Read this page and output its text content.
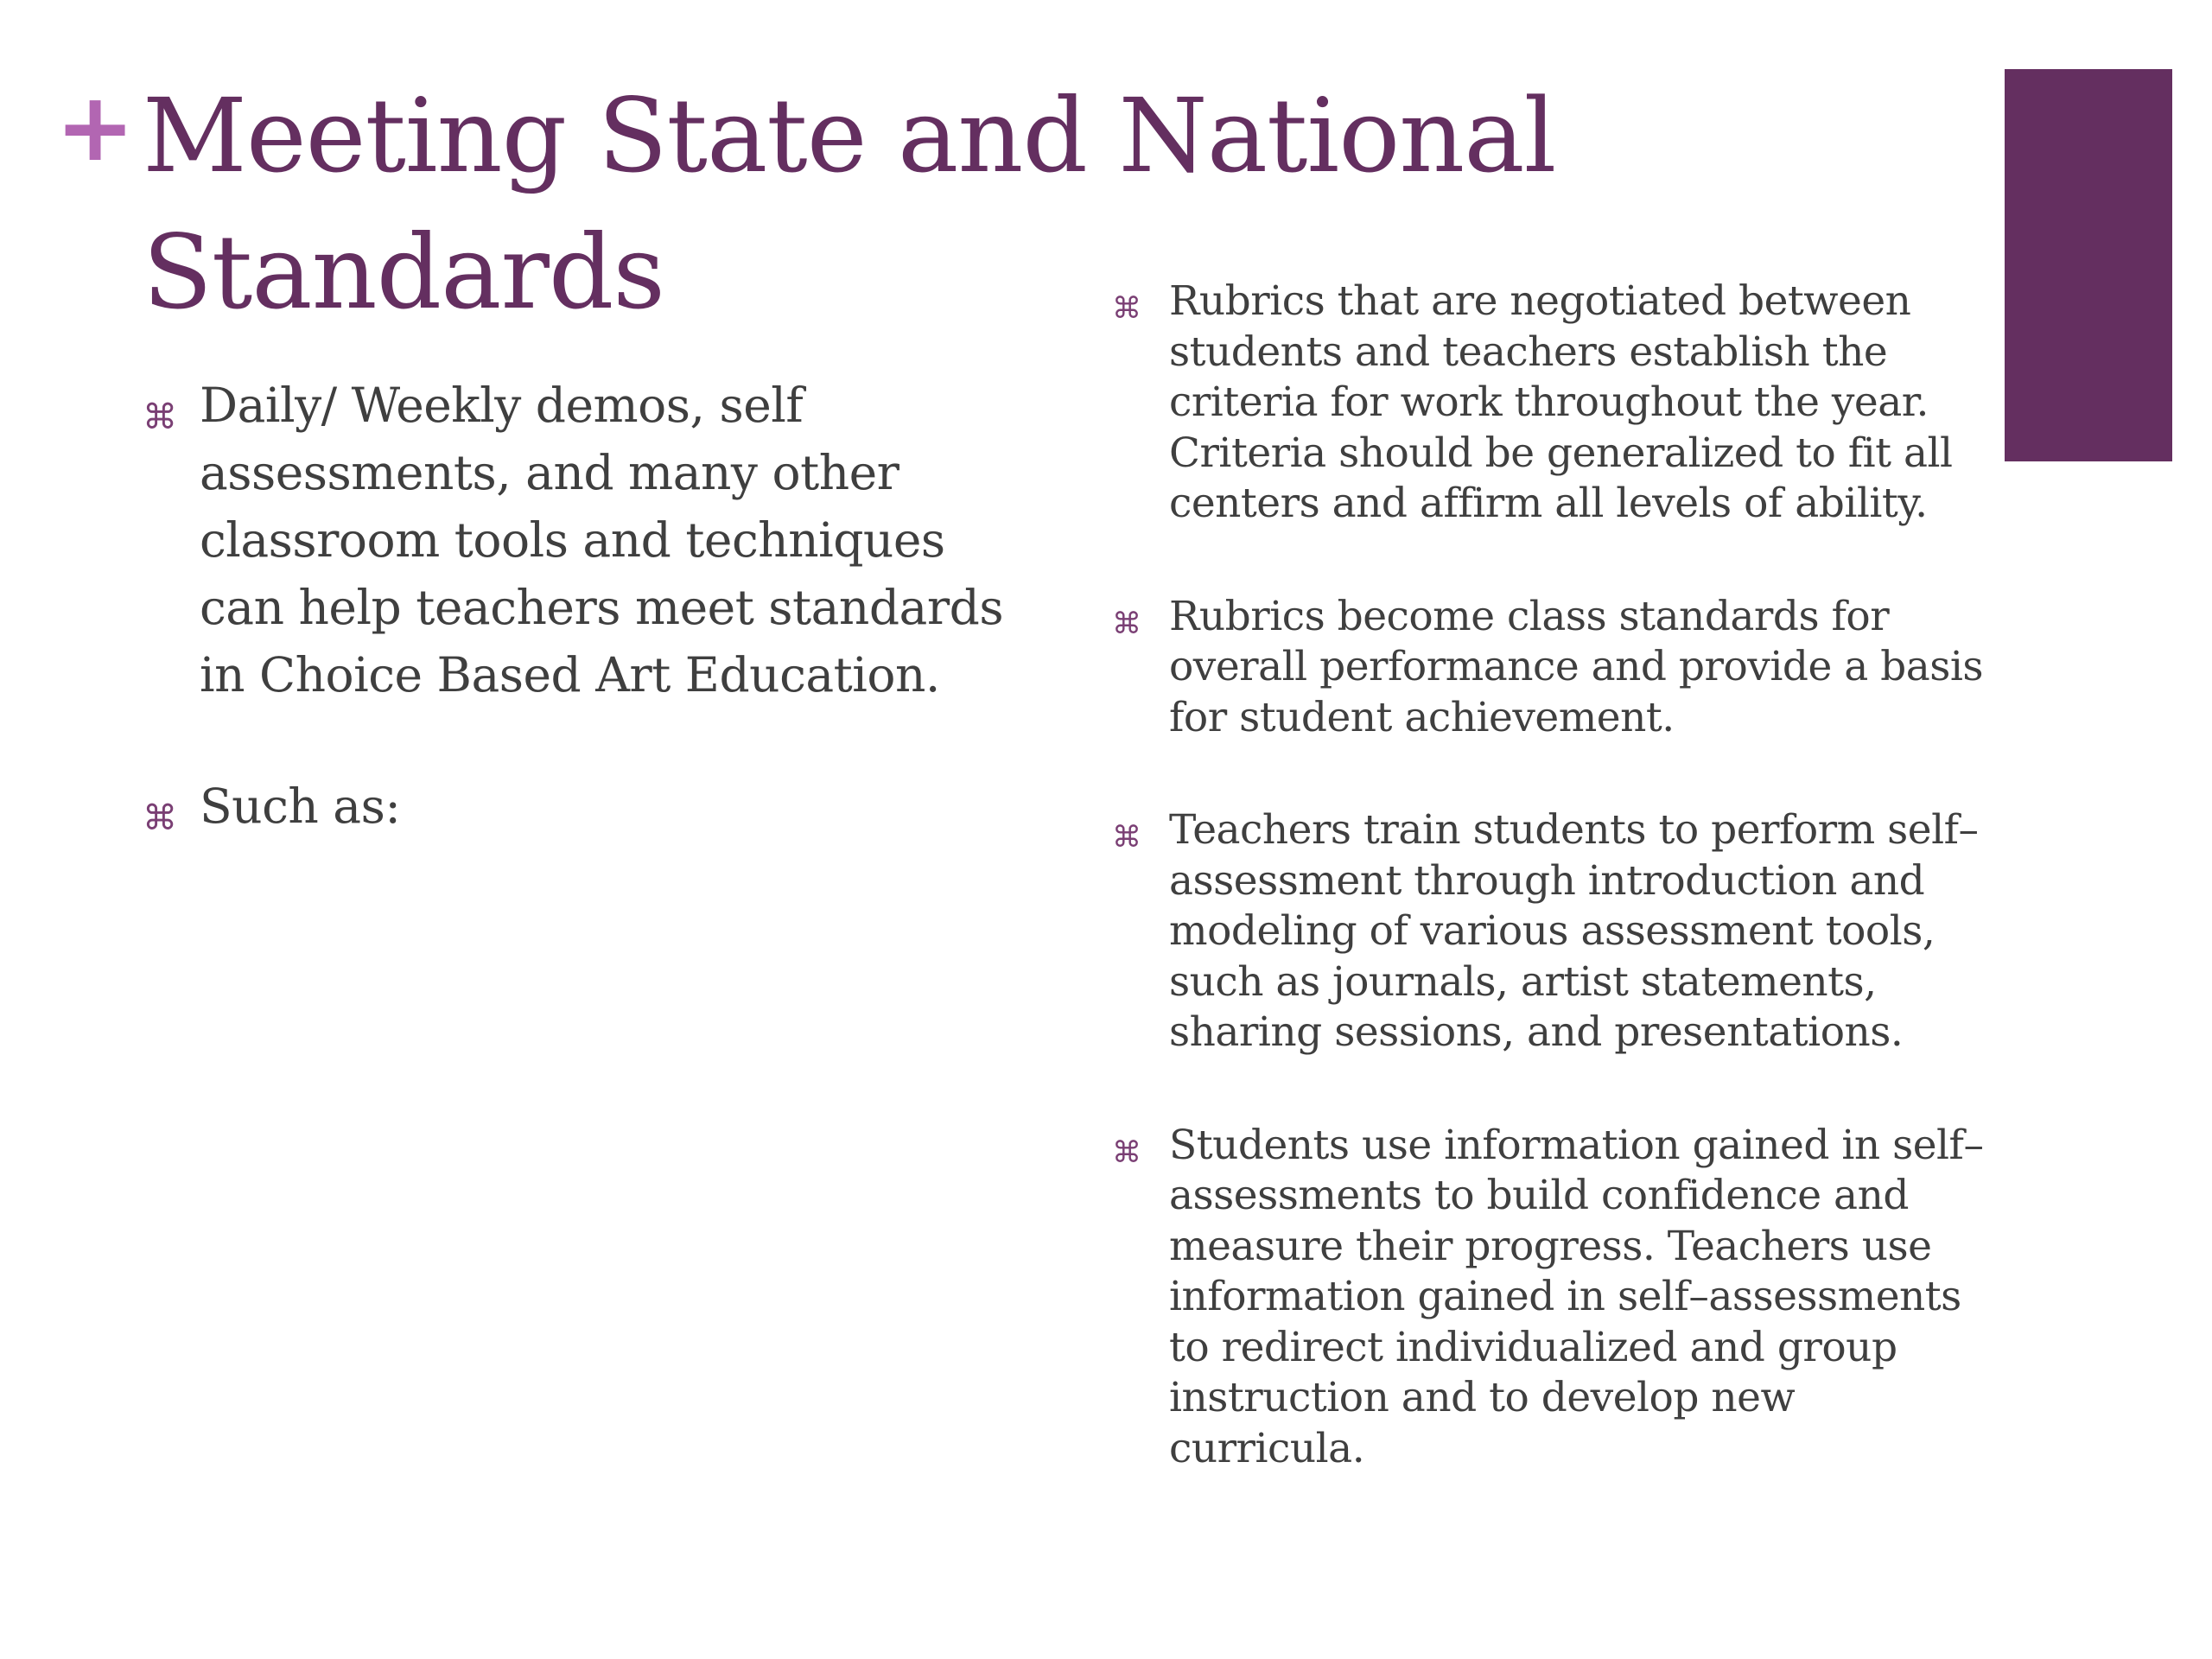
+ Meeting State and National Standards
⌘ Daily/ Weekly demos, self assessments, and many other classroom tools and techniques can help teachers meet standards in Choice Based Art Education.
⌘ Such as:
⌘ Rubrics that are negotiated between students and teachers establish the criteria for work throughout the year. Criteria should be generalized to fit all centers and affirm all levels of ability.
⌘ Rubrics become class standards for overall performance and provide a basis for student achievement.
⌘ Teachers train students to perform self–assessment through introduction and modeling of various assessment tools, such as journals, artist statements, sharing sessions, and presentations.
⌘ Students use information gained in self–assessments to build confidence and measure their progress. Teachers use information gained in self–assessments to redirect individualized and group instruction and to develop new curricula.
